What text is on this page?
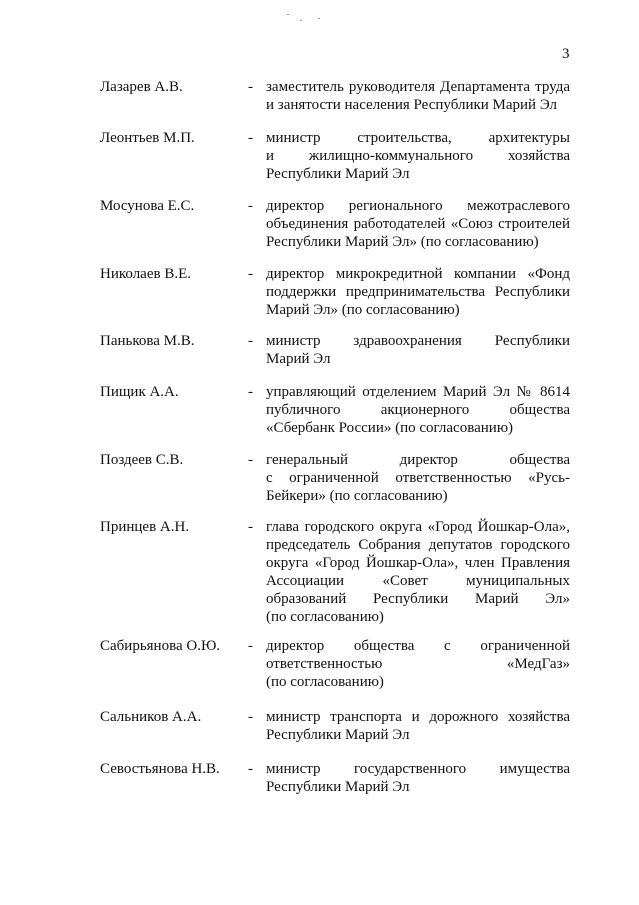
3
Лазарев А.В.	- заместитель руководителя Департамента труда
и занятости населения Республики Марий Эл
Леонтьев М.П.	- министр строительства, архитектуры
и жилищно-коммунального хозяйства
Республики Марий Эл
Мосунова Е.С.	- директор регионального межотраслевого
объединения работодателей «Союз строителей
Республики Марий Эл» (по согласованию)
Николаев В.Е.	- директор микрокредитной компании «Фонд
поддержки предпринимательства Республики
Марий Эл» (по согласованию)
Панькова М.В.	- министр здравоохранения Республики
Марий Эл
Пищик А.А.	- управляющий отделением Марий Эл № 8614
публичного акционерного общества
«Сбербанк России» (по согласованию)
Поздеев С.В.	- генеральный директор общества
с ограниченной ответственностью «Русь-
Бейкери» (по согласованию)
Принцев А.Н.	- глава городского округа «Город Йошкар-Ола»,
председатель Собрания депутатов городского
округа «Город Йошкар-Ола», член Правления
Ассоциации «Совет муниципальных
образований Республики Марий Эл»
(по согласованию)
Сабирьянова О.Ю. - директор общества с ограниченной
ответственностью «МедГаз»
(по согласованию)
Сальников А.А.	- министр транспорта и дорожного хозяйства
Республики Марий Эл
Севостьянова Н.В. - министр государственного имущества
Республики Марий Эл
